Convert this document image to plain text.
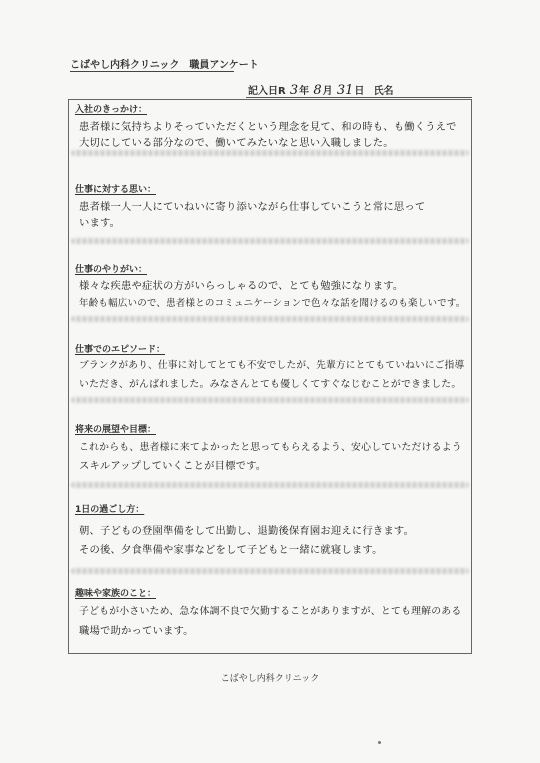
こばやし内科クリニック　職員アンケート
記入日R 3年 8月 31日 氏名
入社のきっかけ：
患者様に気持ちよりそっていただくという理念を見て、和の時も、も働くうえで
大切にしている部分なので、働いてみたいなと思い入職しました。
仕事に対する思い：
患者様一人一人にていねいに寄り添いながら仕事していこうと常に思って
います。
仕事のやりがい：
様々な疾患や症状の方がいらっしゃるので、とても勉強になります。
年齢も幅広いので、患者様とのコミュニケーションで色々な話を聞けるのも楽しいです。
仕事でのエピソード：
ブランクがあり、仕事に対してとても不安でしたが、先輩方にとてもていねいにご指導
いただき、がんばれました。みなさんとても優しくてすぐなじむことができました。
将来の展望や目標：
これからも、患者様に来てよかったと思ってもらえるよう、安心していただけるよう
スキルアップしていくことが目標です。
1日の過ごし方：
朝、子どもの登園準備をして出勤し、退勤後保育園お迎えに行きます。
その後、夕食準備や家事などをして子どもと一緒に就寝します。
趣味や家族のこと：
子どもが小さいため、急な体調不良で欠勤することがありますが、とても理解のある
職場で助かっています。
こばやし内科クリニック
